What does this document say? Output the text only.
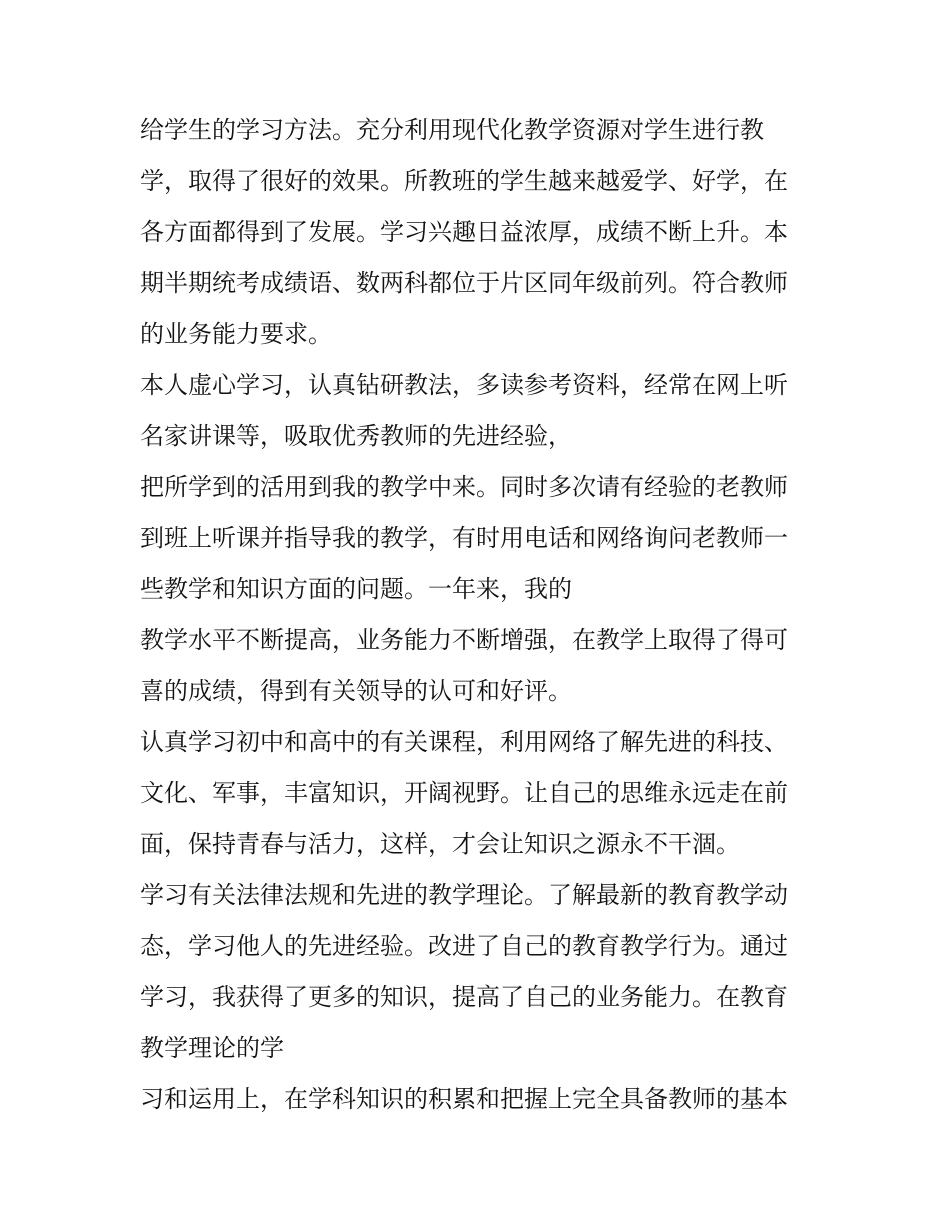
给学生的学习方法。充分利用现代化教学资源对学生进行教
学，取得了很好的效果。所教班的学生越来越爱学、好学，在
各方面都得到了发展。学习兴趣日益浓厚，成绩不断上升。本
期半期统考成绩语、数两科都位于片区同年级前列。符合教师
的业务能力要求。
本人虚心学习，认真钻研教法，多读参考资料，经常在网上听
名家讲课等，吸取优秀教师的先进经验，
把所学到的活用到我的教学中来。同时多次请有经验的老教师
到班上听课并指导我的教学，有时用电话和网络询问老教师一
些教学和知识方面的问题。一年来，我的
教学水平不断提高，业务能力不断增强，在教学上取得了得可
喜的成绩，得到有关领导的认可和好评。
认真学习初中和高中的有关课程，利用网络了解先进的科技、
文化、军事，丰富知识，开阔视野。让自己的思维永远走在前
面，保持青春与活力，这样，才会让知识之源永不干涸。
学习有关法律法规和先进的教学理论。了解最新的教育教学动
态，学习他人的先进经验。改进了自己的教育教学行为。通过
学习，我获得了更多的知识，提高了自己的业务能力。在教育
教学理论的学
习和运用上，在学科知识的积累和把握上完全具备教师的基本
